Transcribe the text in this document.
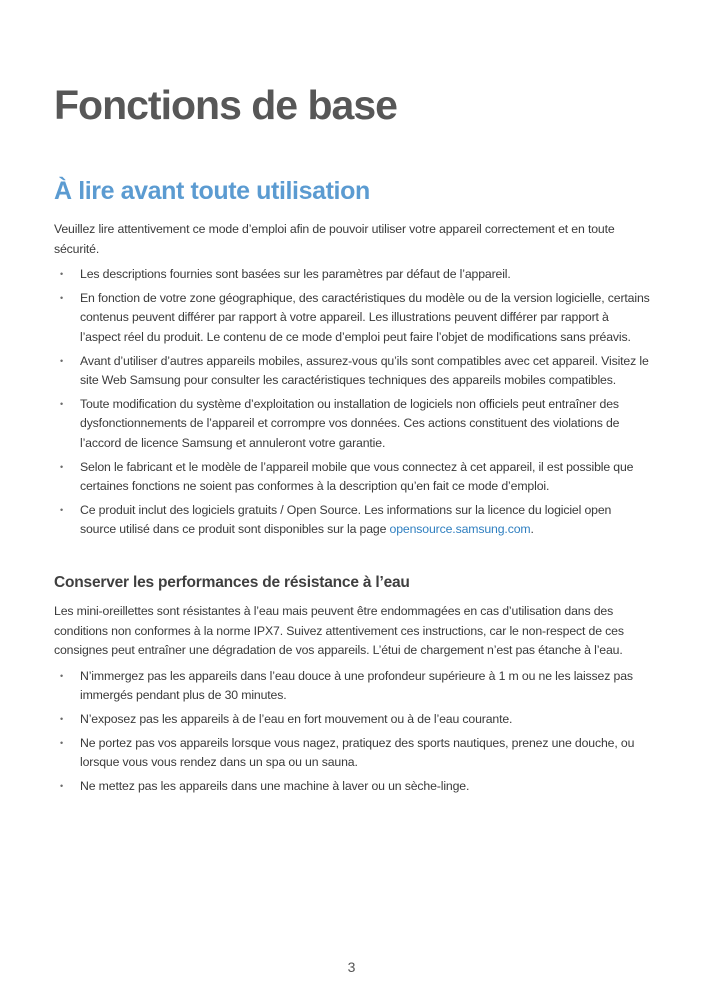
Fonctions de base
À lire avant toute utilisation

Veuillez lire attentivement ce mode d’emploi afin de pouvoir utiliser votre appareil correctement et en toute sécurité.

• Les descriptions fournies sont basées sur les paramètres par défaut de l’appareil.
• En fonction de votre zone géographique, des caractéristiques du modèle ou de la version logicielle, certains contenus peuvent différer par rapport à votre appareil. Les illustrations peuvent différer par rapport à l’aspect réel du produit. Le contenu de ce mode d’emploi peut faire l’objet de modifications sans préavis.
• Avant d’utiliser d’autres appareils mobiles, assurez-vous qu’ils sont compatibles avec cet appareil. Visitez le site Web Samsung pour consulter les caractéristiques techniques des appareils mobiles compatibles.
• Toute modification du système d’exploitation ou installation de logiciels non officiels peut entraîner des dysfonctionnements de l’appareil et corrompre vos données. Ces actions constituent des violations de l’accord de licence Samsung et annuleront votre garantie.
• Selon le fabricant et le modèle de l’appareil mobile que vous connectez à cet appareil, il est possible que certaines fonctions ne soient pas conformes à la description qu’en fait ce mode d’emploi.
• Ce produit inclut des logiciels gratuits / Open Source. Les informations sur la licence du logiciel open source utilisé dans ce produit sont disponibles sur la page opensource.samsung.com.
Conserver les performances de résistance à l’eau

Les mini-oreillettes sont résistantes à l’eau mais peuvent être endommagées en cas d’utilisation dans des conditions non conformes à la norme IPX7. Suivez attentivement ces instructions, car le non-respect de ces consignes peut entraîner une dégradation de vos appareils. L’étui de chargement n’est pas étanche à l’eau.

• N’immergez pas les appareils dans l’eau douce à une profondeur supérieure à 1 m ou ne les laissez pas immergés pendant plus de 30 minutes.
• N’exposez pas les appareils à de l’eau en fort mouvement ou à de l’eau courante.
• Ne portez pas vos appareils lorsque vous nagez, pratiquez des sports nautiques, prenez une douche, ou lorsque vous vous rendez dans un spa ou un sauna.
• Ne mettez pas les appareils dans une machine à laver ou un sèche-linge.
3
